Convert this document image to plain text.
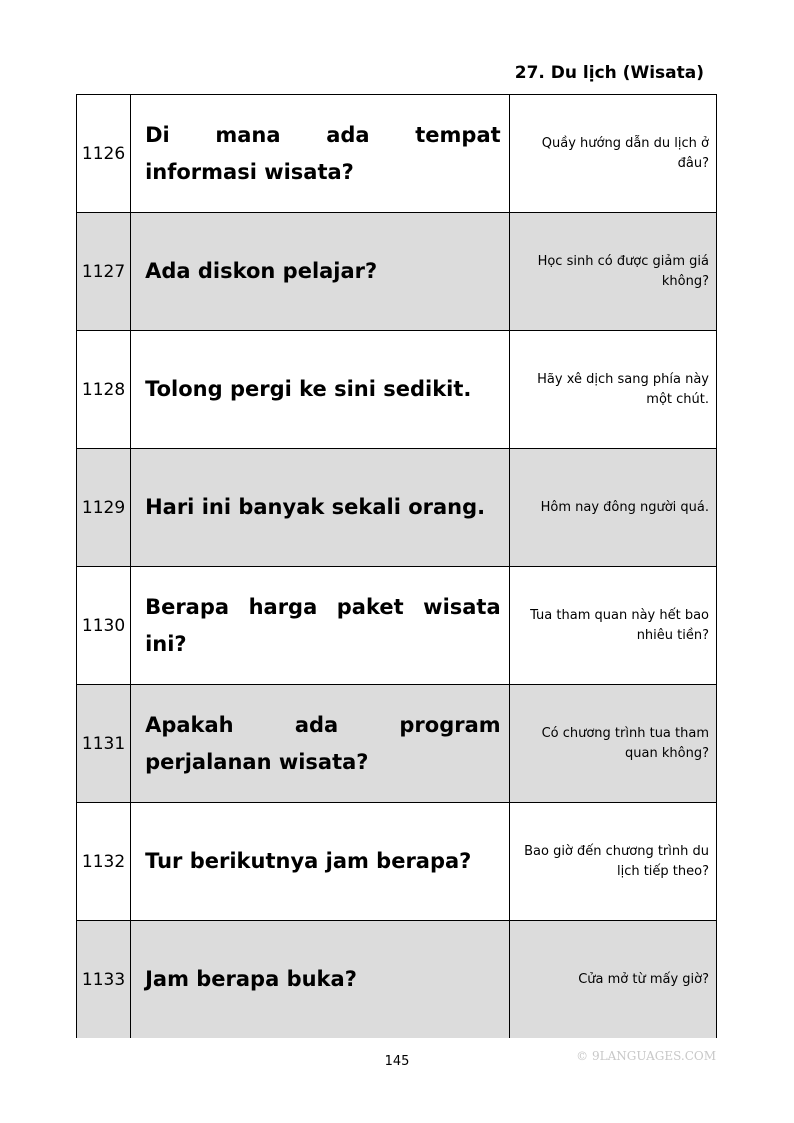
27. Du lịch (Wisata)
1126	Di mana ada tempat informasi wisata?	Quầy hướng dẫn du lịch ở đâu?
1127	Ada diskon pelajar?	Học sinh có được giảm giá không?
1128	Tolong pergi ke sini sedikit.	Hãy xê dịch sang phía này một chút.
1129	Hari ini banyak sekali orang.	Hôm nay đông người quá.
1130	Berapa harga paket wisata ini?	Tua tham quan này hết bao nhiêu tiền?
1131	Apakah ada program perjalanan wisata?	Có chương trình tua tham quan không?
1132	Tur berikutnya jam berapa?	Bao giờ đến chương trình du lịch tiếp theo?
1133	Jam berapa buka?	Cửa mở từ mấy giờ?
© 9LANGUAGES.COM
145
